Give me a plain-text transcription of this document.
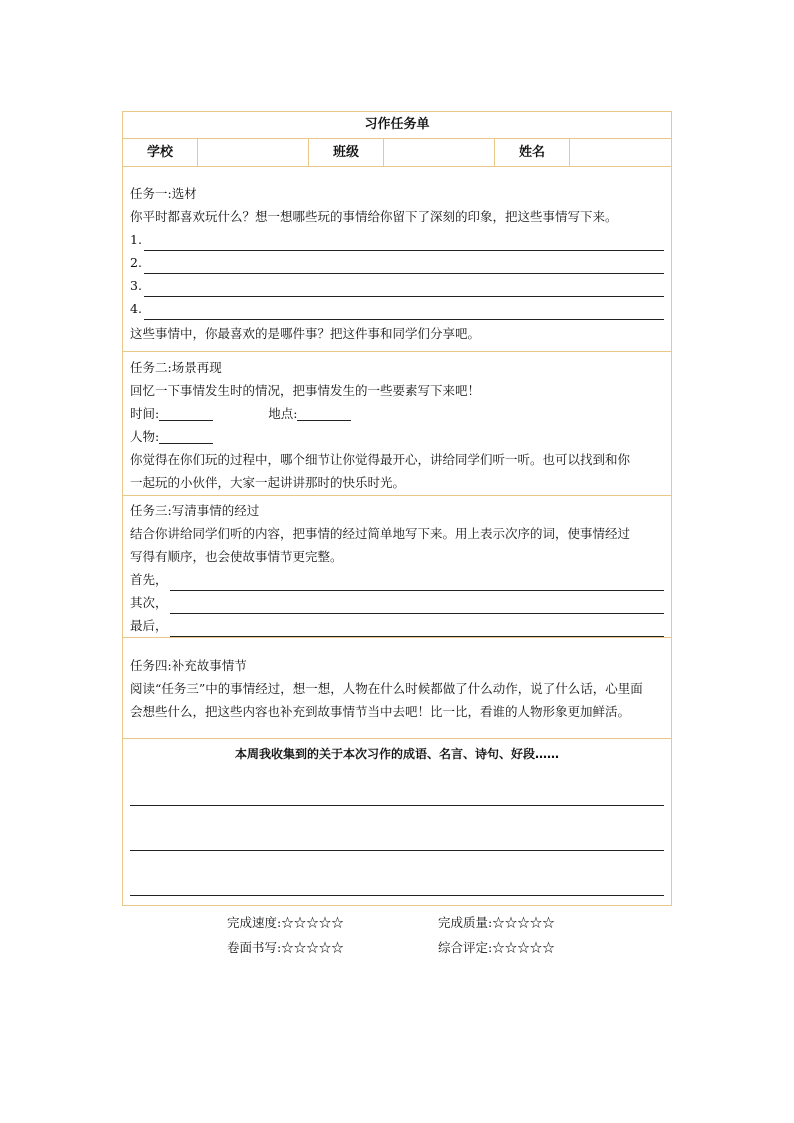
习作任务单
学校	班级	姓名
任务一:选材
你平时都喜欢玩什么？想一想哪些玩的事情给你留下了深刻的印象，把这些事情写下来。
1.
2.
3.
4.
这些事情中，你最喜欢的是哪件事？把这件事和同学们分享吧。
任务二:场景再现
回忆一下事情发生时的情况，把事情发生的一些要素写下来吧！
时间:	地点:
人物:
你觉得在你们玩的过程中，哪个细节让你觉得最开心，讲给同学们听一听。也可以找到和你
一起玩的小伙伴，大家一起讲讲那时的快乐时光。
任务三:写清事情的经过
结合你讲给同学们听的内容，把事情的经过简单地写下来。用上表示次序的词，使事情经过
写得有顺序，也会使故事情节更完整。
首先，
其次，
最后，
任务四:补充故事情节
阅读“任务三”中的事情经过，想一想，人物在什么时候都做了什么动作，说了什么话，心里面
会想些什么，把这些内容也补充到故事情节当中去吧！比一比，看谁的人物形象更加鲜活。
本周我收集到的关于本次习作的成语、名言、诗句、好段……
完成速度:☆☆☆☆☆	完成质量:☆☆☆☆☆
卷面书写:☆☆☆☆☆	综合评定:☆☆☆☆☆
